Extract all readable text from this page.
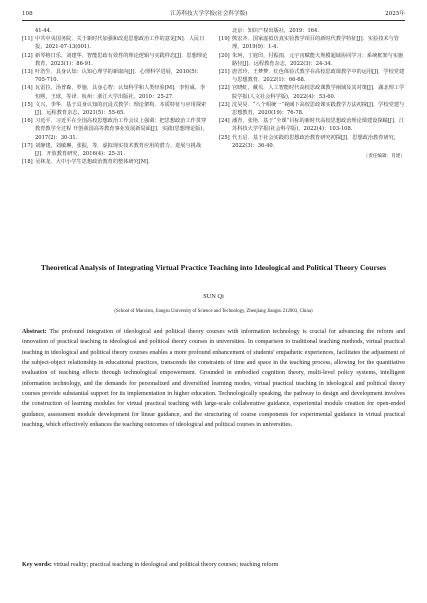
108	江苏科技大学学报(社会科学版)	2025年
41-44.
[11] 中共中央国务院．关于新时代加强和改进思想政治工作的意见[N]．人民日报，2021-07-13(001).
[12] 新琴格日乐，刘建华．智能思政有效性的理论逻辑与实践样态[J]．思想理论教育，2023(1)：86-91.
[13] 叶浩生．具身认知：认知心理学的新取向[J]．心理科学进展，2010(5)：705-710.
[14] 瓦雷拉，汤普森，罗施．具身心智：认知科学和人类经验[M]．李恒威，李恒熙，王球，等译．杭州：浙江大学出版社，2010：25-27.
[15] 文兴，李华．基于具身认知的沉浸式教学：理论架构、本质特征与应用探索[J]．远程教育杂志，2021(5)：55-65.
[16] 习近平．习近平在全国高校思想政治工作会议上强调：把思想政治工作贯穿教育教学全过程 开创我国高等教育事业发展新局面[J]．实践(思想理论版)，2017(2)：30-31.
[17] 刘静建，刘敏琳，张振，等．虚拟现实技术教育应用的潜力、进展与挑战[J]．开放教育研究，2016(4)：25-31.
[18] 吴林龙．大中小学生思想政治教育的整体研究[M]．
北京：知识产权出版社，2019：164.
[19] 熊宏齐．国家虚拟仿真实验教学项目的新时代教学特征[J]．实验技术与管理，2019(9)：1-4.
[20] 朱珂，丁庭印，付振雨．元宇宙赋能大规模超域协同学习：系统框架与实施路径[J]．远程教育杂志，2022(3)：24-34.
[21] 唐晋玲，王梦梦．红色体验式教学在高校思政课教学中的运用[J]．学校党建与思想教育，2022(1)：66-68.
[22] 宫晓虹，戴贝．人工智能时代高校思政课教学阐域及其对策[J]．湖北理工学院学报(人文社会科学版)，2022(4)：53-60.
[23] 沈昊昊．“八个相统一”视阈下高校思政课实践教学方法初探[J]．学校党建与思想教育，2020(19)：76-78.
[24] 潘青，张艳．基于“全课”目标的新时代高校思想政治理论课建设探赜[J]．江苏科技大学学报(社会科学版)，2022(4)：103-108.
[25] 代玉启．基于社会实践的思想政治教育研究初探[J]．思想政治教育研究，2022(3)：36-40.
（责任编辑：肖建）
Theoretical Analysis of Integrating Virtual Practice Teaching into Ideological and Political Theory Courses
SUN Qi
(School of Marxism, Jiangsu University of Science and Technology, Zhenjiang Jiangsu 212003, China)
Abstract: The profound integration of ideological and political theory courses with information technology is crucial for advancing the reform and innovation of practical teaching in ideological and political theory courses in universities. In comparison to traditional teaching methods, virtual practical teaching in ideological and political theory courses enables a more profound enhancement of students' empathetic experiences, facilitates the adjustment of the subject-object relationship in educational practices, transcends the constraints of time and space in the teaching process, allowing for the quantitative evaluation of teaching effects through technological empowerment. Grounded in embodied cognition theory, multi-level policy systems, intelligent information technology, and the demands for personalized and diversified learning modes, virtual practical teaching in ideological and political theory courses provide substantial support for its implementation in higher education. Technologically speaking, the pathway to design and development involves the construction of learning modules for virtual practical teaching with large-scale collaborative guidance, experiential module creation for open-ended guidance, assessment module development for linear guidance, and the structuring of course components for experimental guidance in virtual practical teaching, which effectively enhances the teaching outcomes of ideological and political courses in universities.
Key words: virtual reality; practical teaching in ideological and political theory courses; teaching reform
